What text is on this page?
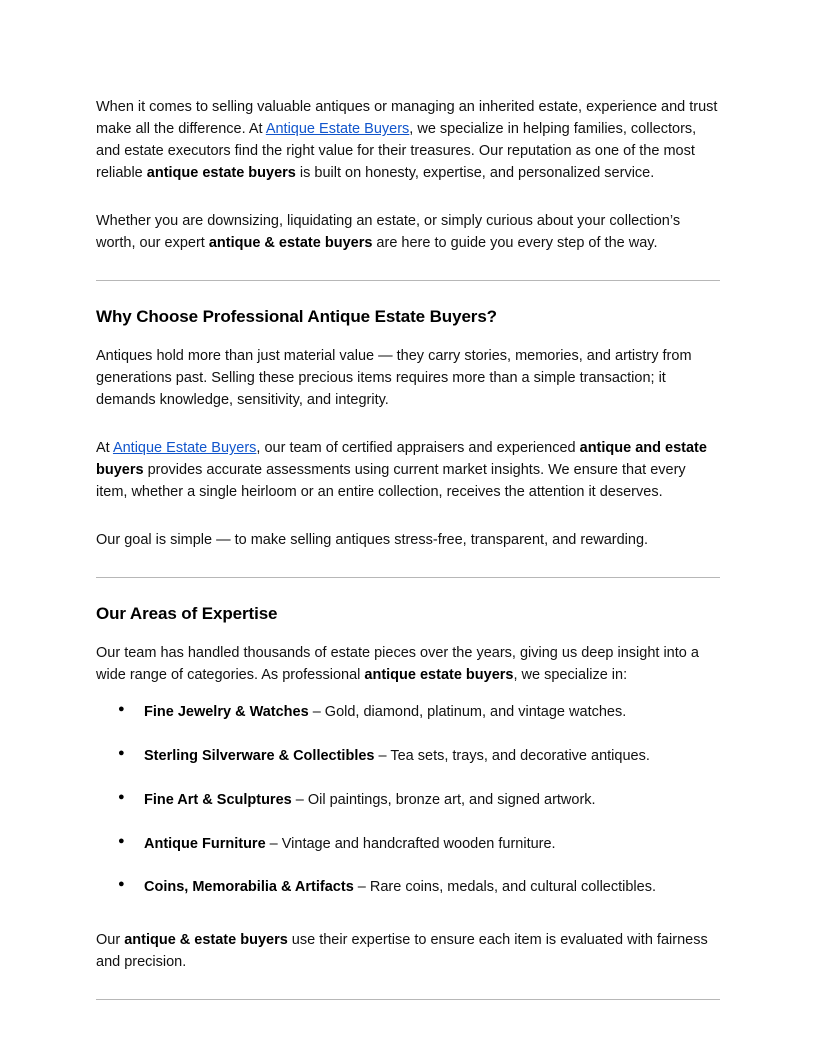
When it comes to selling valuable antiques or managing an inherited estate, experience and trust make all the difference. At Antique Estate Buyers, we specialize in helping families, collectors, and estate executors find the right value for their treasures. Our reputation as one of the most reliable antique estate buyers is built on honesty, expertise, and personalized service.

Whether you are downsizing, liquidating an estate, or simply curious about your collection’s worth, our expert antique & estate buyers are here to guide you every step of the way.

Why Choose Professional Antique Estate Buyers?

Antiques hold more than just material value — they carry stories, memories, and artistry from generations past. Selling these precious items requires more than a simple transaction; it demands knowledge, sensitivity, and integrity.

At Antique Estate Buyers, our team of certified appraisers and experienced antique and estate buyers provides accurate assessments using current market insights. We ensure that every item, whether a single heirloom or an entire collection, receives the attention it deserves.

Our goal is simple — to make selling antiques stress-free, transparent, and rewarding.

Our Areas of Expertise

Our team has handled thousands of estate pieces over the years, giving us deep insight into a wide range of categories. As professional antique estate buyers, we specialize in:

● Fine Jewelry & Watches – Gold, diamond, platinum, and vintage watches.
● Sterling Silverware & Collectibles – Tea sets, trays, and decorative antiques.
● Fine Art & Sculptures – Oil paintings, bronze art, and signed artwork.
● Antique Furniture – Vintage and handcrafted wooden furniture.
● Coins, Memorabilia & Artifacts – Rare coins, medals, and cultural collectibles.

Our antique & estate buyers use their expertise to ensure each item is evaluated with fairness and precision.
